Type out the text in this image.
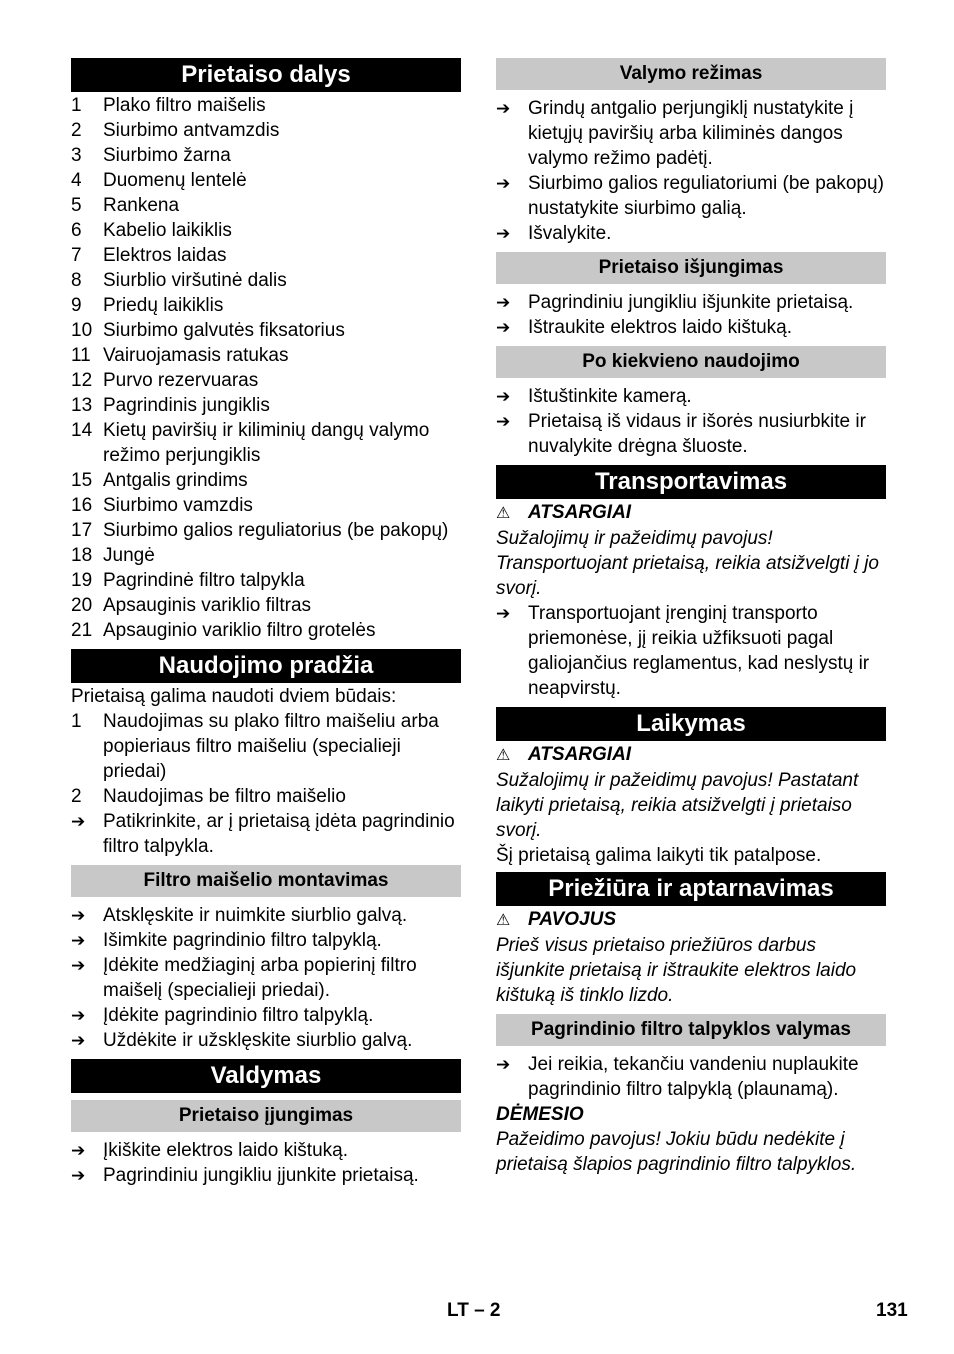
Prietaiso dalys
1	Plako filtro maišelis
2	Siurbimo antvamzdis
3	Siurbimo žarna
4	Duomenų lentelė
5	Rankena
6	Kabelio laikiklis
7	Elektros laidas
8	Siurblio viršutinė dalis
9	Priedų laikiklis
10 Siurbimo galvutės fiksatorius
11 Vairuojamasis ratukas
12 Purvo rezervuaras
13 Pagrindinis jungiklis
14 Kietų paviršių ir kiliminių dangų valymo režimo perjungiklis
15 Antgalis grindims
16 Siurbimo vamzdis
17 Siurbimo galios reguliatorius (be pakopų)
18 Jungė
19 Pagrindinė filtro talpykla
20 Apsauginis variklio filtras
21 Apsauginio variklio filtro grotelės
Naudojimo pradžia
Prietaisą galima naudoti dviem būdais:
1	Naudojimas su plako filtro maišeliu arba popieriaus filtro maišeliu (specialieji priedai)
2	Naudojimas be filtro maišelio
➔ Patikrinkite, ar į prietaisą įdėta pagrindinio filtro talpykla.
Filtro maišelio montavimas
➔ Atsklęskite ir nuimkite siurblio galvą.
➔ Išimkite pagrindinio filtro talpyklą.
➔ Įdėkite medžiaginį arba popierinį filtro maišelį (specialieji priedai).
➔ Įdėkite pagrindinio filtro talpyklą.
➔ Uždėkite ir užsklęskite siurblio galvą.
Valdymas
Prietaiso įjungimas
➔ Įkiškite elektros laido kištuką.
➔ Pagrindiniu jungikliu įjunkite prietaisą.
Valymo režimas
➔ Grindų antgalio perjungiklį nustatykite į kietųjų paviršių arba kiliminės dangos valymo režimo padėtį.
➔ Siurbimo galios reguliatoriumi (be pakopų) nustatykite siurbimo galią.
➔ Išvalykite.
Prietaiso išjungimas
➔ Pagrindiniu jungikliu išjunkite prietaisą.
➔ Ištraukite elektros laido kištuką.
Po kiekvieno naudojimo
➔ Ištuštinkite kamerą.
➔ Prietaisą iš vidaus ir išorės nusiurbkite ir nuvalykite drėgna šluoste.
Transportavimas
⚠ ATSARGIAI
Sužalojimų ir pažeidimų pavojus! Transportuojant prietaisą, reikia atsižvelgti į jo svorį.
➔ Transportuojant įrenginį transporto priemonėse, jį reikia užfiksuoti pagal galiojančius reglamentus, kad neslystų ir neapvirstų.
Laikymas
⚠ ATSARGIAI
Sužalojimų ir pažeidimų pavojus! Pastatant laikyti prietaisą, reikia atsižvelgti į prietaiso svorį.
Šį prietaisą galima laikyti tik patalpose.
Priežiūra ir aptarnavimas
⚠ PAVOJUS
Prieš visus prietaiso priežiūros darbus išjunkite prietaisą ir ištraukite elektros laido kištuką iš tinklo lizdo.
Pagrindinio filtro talpyklos valymas
➔ Jei reikia, tekančiu vandeniu nuplaukite pagrindinio filtro talpyklą (plaunamą).
DĖMESIO
Pažeidimo pavojus! Jokiu būdu nedėkite į prietaisą šlapios pagrindinio filtro talpyklos.
LT – 2	131
